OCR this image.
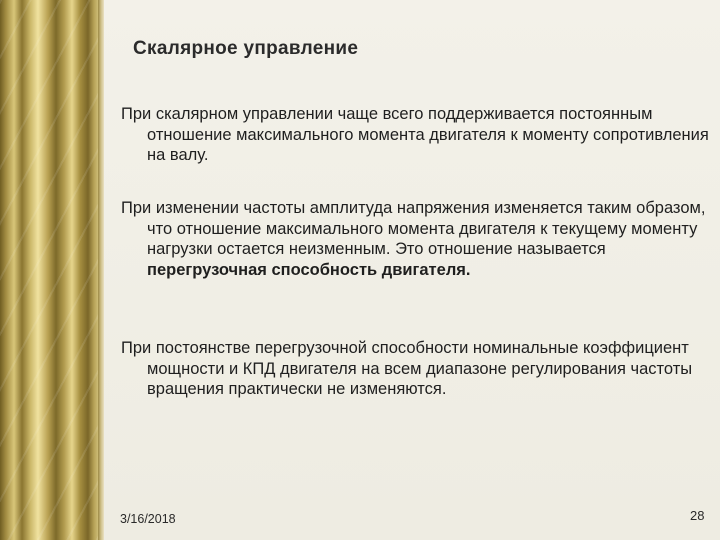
Скалярное управление
При скалярном управлении чаще всего поддерживается постоянным отношение максимального момента двигателя к моменту сопротивления на валу.
При изменении частоты амплитуда напряжения изменяется таким образом, что отношение максимального момента двигателя к текущему моменту нагрузки остается неизменным. Это отношение называется перегрузочная способность двигателя.
При постоянстве перегрузочной способности номинальные коэффициент мощности и КПД двигателя на всем диапазоне регулирования частоты вращения практически не изменяются.
3/16/2018	28
